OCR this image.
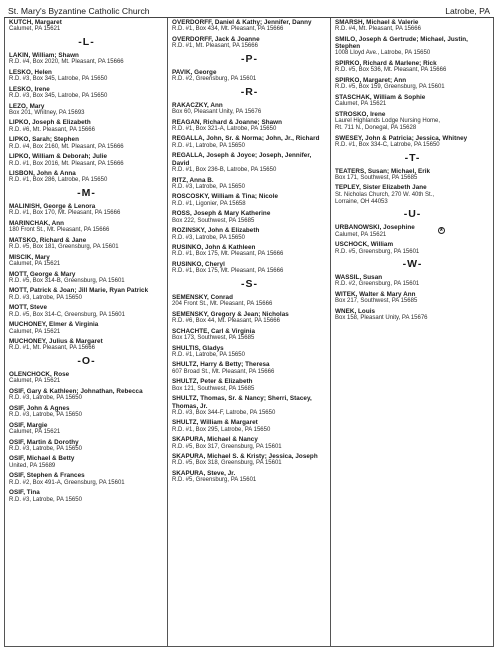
St. Mary's Byzantine Catholic Church	Latrobe, PA
KUTCH, Margaret
Calumet, PA 15621
-L-
LAKIN, William; Shawn
R.D. #4, Box 2020, Mt. Pleasant, PA 15666
LESKO, Helen
R.D. #3, Box 345, Latrobe, PA 15650
LESKO, Irene
R.D. #3, Box 345, Latrobe, PA 15650
LEZO, Mary
Box 201, Whitney, PA 15693
LIPKO, Joseph & Elizabeth
R.D. #6, Mt. Pleasant, PA 15666
LIPKO, Sarah; Stephen
R.D. #4, Box 2160, Mt. Pleasant, PA 15666
LIPKO, William & Deborah; Julie
R.D. #1, Box 2016, Mt. Pleasant, PA 15666
LISBON, John & Anna
R.D. #1, Box 286, Latrobe, PA 15650
-M-
MALINISH, George & Lenora
R.D. #1, Box 170, Mt. Pleasant, PA 15666
MARINCHAK, Ann
180 Front St., Mt. Pleasant, PA 15666
MATSKO, Richard & Jane
R.D. #5, Box 181, Greensburg, PA 15601
MISCIK, Mary
Calumet, PA 15621
MOTT, George & Mary
R.D. #5, Box 314-B, Greensburg, PA 15601
MOTT, Patrick & Joan; Jill Marie, Ryan Patrick
R.D. #3, Latrobe, PA 15650
MOTT, Steve
R.D. #5, Box 314-C, Greensburg, PA 15601
MUCHONEY, Elmer & Virginia
Calumet, PA 15621
MUCHONEY, Julius & Margaret
R.D. #1, Mt. Pleasant, PA 15666
-O-
OLENCHOCK, Rose
Calumet, PA 15621
OSIF, Gary & Kathleen; Johnathan, Rebecca
R.D. #3, Latrobe, PA 15650
OSIF, John & Agnes
R.D. #3, Latrobe, PA 15650
OSIF, Margie
Calumet, PA 15621
OSIF, Martin & Dorothy
R.D. #3, Latrobe, PA 15650
OSIF, Michael & Betty
United, PA 15689
OSIF, Stephen & Frances
R.D. #2, Box 491-A, Greensburg, PA 15601
OSIF, Tina
R.D. #3, Latrobe, PA 15650
OVERDORFF, Daniel & Kathy; Jennifer, Danny
R.D. #1, Box 434, Mt. Pleasant, PA 15666
OVERDORFF, Jack & Joanne
R.D. #1, Mt. Pleasant, PA 15666
-P-
PAVIK, George
R.D. #2, Greensburg, PA 15601
-R-
RAKACZKY, Ann
Box 60, Pleasant Unity, PA 15676
REAGAN, Richard & Joanne; Shawn
R.D. #1, Box 321-A, Latrobe, PA 15650
REGALLA, John, Sr. & Norma; John, Jr., Richard
R.D. #1, Latrobe, PA 15650
REGALLA, Joseph & Joyce; Joseph, Jennifer, David
R.D. #1, Box 236-B, Latrobe, PA 15650
RITZ, Anna B.
R.D. #3, Latrobe, PA 15650
ROSCOSKY, William & Tina; Nicole
R.D. #1, Ligonier, PA 15658
ROSS, Joseph & Mary Katherine
Box 222, Southwest, PA 15685
ROZINSKY, John & Elizabeth
R.D. #3, Latrobe, PA 15650
RUSINKO, John & Kathleen
R.D. #1, Box 175, Mt. Pleasant, PA 15666
RUSINKO, Cheryl
R.D. #1, Box 175, Mt. Pleasant, PA 15666
-S-
SEMENSKY, Conrad
204 Front St., Mt. Pleasant, PA 15666
SEMENSKY, Gregory & Jean; Nicholas
R.D. #6, Box 44, Mt. Pleasant, PA 15666
SCHACHTE, Carl & Virginia
Box 173, Southwest, PA 15685
SHULTIS, Gladys
R.D. #1, Latrobe, PA 15650
SHULTZ, Harry & Betty; Theresa
607 Broad St., Mt. Pleasant, PA 15666
SHULTZ, Peter & Elizabeth
Box 121, Southwest, PA 15685
SHULTZ, Thomas, Sr. & Nancy; Sherri, Stacey, Thomas, Jr.
R.D. #3, Box 344-F, Latrobe, PA 15650
SHULTZ, William & Margaret
R.D. #1, Box 295, Latrobe, PA 15650
SKAPURA, Michael & Nancy
R.D. #5, Box 317, Greensburg, PA 15601
SKAPURA, Michael S. & Kristy; Jessica, Joseph
R.D. #5, Box 318, Greensburg, PA 15601
SKAPURA, Steve, Jr.
R.D. #5, Greensburg, PA 15601
SMARSH, Michael & Valerie
R.D. #4, Mt. Pleasant, PA 15666
SMILO, Joseph & Gertrude; Michael, Justin, Stephen
1008 Lloyd Ave., Latrobe, PA 15650
SPIRKO, Richard & Marlene; Rick
R.D. #5, Box 536, Mt. Pleasant, PA 15666
SPIRKO, Margaret; Ann
R.D. #5, Box 159, Greensburg, PA 15601
STASCHAK, William & Sophie
Calumet, PA 15621
STROSKO, Irene
Laurel Highlands Lodge Nursing Home,
Rt. 711 N., Donegal, PA 15628
SWESEY, John & Patricia; Jessica, Whitney
R.D. #1, Box 334-C, Latrobe, PA 15650
-T-
TEATERS, Susan; Michael, Erik
Box 171, Southwest, PA 15685
TEPLEY, Sister Elizabeth Jane
St. Nicholas Church, 270 W. 40th St.,
Lorraine, OH 44053
-U-
URBANOWSKI, Josephine
Calumet, PA 15621
✘
USCHOCK, William
R.D. #5, Greensburg, PA 15601
-W-
WASSIL, Susan
R.D. #2, Greensburg, PA 15601
WITEK, Walter & Mary Ann
Box 217, Southwest, PA 15685
WNEK, Louis
Box 158, Pleasant Unity, PA 15676
